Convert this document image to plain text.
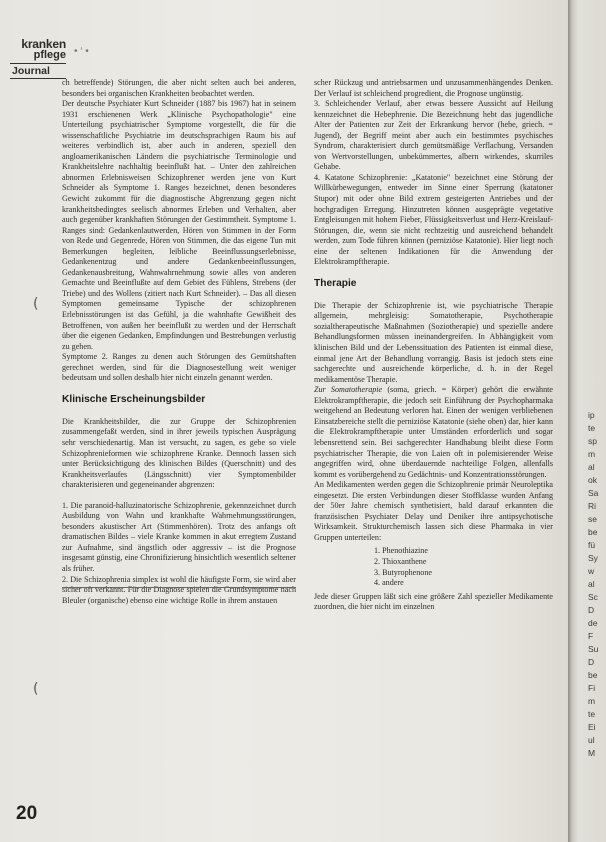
kranken
pflege
Journal
• ‘ •
(
(

ch betreffende) Störungen, die aber nicht selten auch bei anderen, besonders bei organischen Krankheiten beobachtet werden.

Der deutsche Psychiater Kurt Schneider (1887 bis 1967) hat in seinem 1931 erschienenen Werk „Klinische Psychopathologie" eine Unterteilung psychiatrischer Symptome vorgestellt, die für die wissenschaftliche Psychiatrie im deutschsprachigen Raum bis auf weiteres verbindlich ist, aber auch in anderen, speziell den angloamerikanischen Ländern die psychiatrische Terminologie und Krankheitslehre nachhaltig beeinflußt hat. – Unter den zahlreichen abnormen Erlebnisweisen Schizophrener werden jene von Kurt Schneider als Symptome 1. Ranges bezeichnet, denen besonderes Gewicht zukommt für die diagnostische Abgrenzung gegen nicht krankheitsbedingtes seelisch abnormes Erleben und Verhalten, aber auch gegenüber krankhaften Störungen der Gestimmtheit. Symptome 1. Ranges sind: Gedankenlautwerden, Hören von Stimmen in der Form von Rede und Gegenrede, Hören von Stimmen, die das eigene Tun mit Bemerkungen begleiten, leibliche Beeinflussungserlebnisse, Gedankenentzug und andere Gedankenbeeinflussungen, Gedankenausbreitung, Wahnwahrnehmung sowie alles von anderen Gemachte und Beeinflußte auf dem Gebiet des Fühlens, Strebens (der Triebe) und des Wollens (zitiert nach Kurt Schneider). – Das all diesen Symptomen gemeinsame Typische der schizophrenen Erlebnisstörungen ist das Gefühl, ja die wahnhafte Gewißheit des Betroffenen, von außen her beeinflußt zu werden und der Herrschaft über die eigenen Gedanken, Empfindungen und Bestrebungen verlustig zu gehen.

Symptome 2. Ranges zu denen auch Störungen des Gemütshaften gerechnet werden, sind für die Diagnosestellung weit weniger bedeutsam und sollen deshalb hier nicht einzeln genannt werden.

Klinische Erscheinungsbilder

Die Krankheitsbilder, die zur Gruppe der Schizophrenien zusammengefaßt werden, sind in ihrer jeweils typischen Ausprägung sehr verschiedenartig. Man ist versucht, zu sagen, es gebe so viele Schizophrenieformen wie schizophrene Kranke. Dennoch lassen sich unter Berücksichtigung des klinischen Bildes (Querschnitt) und des Krankheitsverlaufes (Längsschnitt) vier Symptomenbilder charakterisieren und gegeneinander abgrenzen:

1. Die paranoid-halluzinatorische Schizophrenie, gekennzeichnet durch Ausbildung von Wahn und krankhafte Wahrnehmungsstörungen, besonders akustischer Art (Stimmenhören). Trotz des anfangs oft dramatischen Bildes – viele Kranke kommen in akut erregtem Zustand zur Aufnahme, sind ängstlich oder aggressiv – ist die Prognose insgesamt günstig, eine Chronifizierung hinsichtlich wesentlich seltener als früher.

2. Die Schizophrenia simplex ist wohl die häufigste Form, sie wird aber sicher oft verkannt. Für die Diagnose spielen die Grundsymptome nach Bleuler (organische) ebenso eine wichtige Rolle in ihrem anstauen

scher Rückzug und antriebsarmen und unzusammenhängendes Denken. Der Verlauf ist schleichend progredient, die Prognose ungünstig.

3. Schleichender Verlauf, aber etwas bessere Aussicht auf Heilung kennzeichnet die Hebephrenie. Die Bezeichnung hebt das jugendliche Alter der Patienten zur Zeit der Erkrankung hervor (hebe, griech. = Jugend), der Begriff meint aber auch ein bestimmtes psychisches Syndrom, charakterisiert durch gemütsmäßige Verflachung, Versanden von Wertvorstellungen, unbekümmertes, albern wirkendes, skurriles Gehabe.

4. Katatone Schizophrenie: „Katatonie" bezeichnet eine Störung der Willkürbewegungen, entweder im Sinne einer Sperrung (katatoner Stupor) mit oder ohne Bild extrem gesteigerten Antriebes und der hochgradigen Erregung. Hinzutreten können ausgeprägte vegetative Entgleisungen mit hohem Fieber, Flüssigkeitsverlust und Herz-Kreislauf-Störungen, die, wenn sie nicht rechtzeitig und ausreichend behandelt werden, zum Tode führen können (perniziöse Katatonie). Hier liegt noch eine der seltenen Indikationen für die Anwendung der Elektrokrampftherapie.

Therapie

Die Therapie der Schizophrenie ist, wie psychiatrische Therapie allgemein, mehrgleisig: Somatotherapie, Psychotherapie sozialtherapeutische Maßnahmen (Soziotherapie) und spezielle andere Behandlungsformen müssen ineinandergreifen. In Abhängigkeit vom klinischen Bild und der Lebenssituation des Patienten ist einmal diese, einmal jene Art der Behandlung vorrangig. Basis ist jedoch stets eine sachgerechte und ausreichende körperliche, d. h. in der Regel medikamentöse Therapie.

Zur Somatotherapie (soma, griech. = Körper) gehört die erwähnte Elektrokrampftherapie, die jedoch seit Einführung der Psychopharmaka weitgehend an Bedeutung verloren hat. Einen der wenigen verbliebenen Einsatzbereiche stellt die perniziöse Katatonie (siehe oben) dar, hier kann die Elektrokrampftherapie unter Umständen erforderlich und sogar lebensrettend sein. Bei sachgerechter Handhabung bleibt diese Form psychiatrischer Therapie, die von Laien oft in polemisierender Weise angegriffen wird, ohne überdauernde nachteilige Folgen, allenfalls kommt es vorübergehend zu Gedächtnis- und Konzentrationsstörungen.

An Medikamenten werden gegen die Schizophrenie primär Neuroleptika eingesetzt. Die ersten Verbindungen dieser Stoffklasse wurden Anfang der 50er Jahre chemisch synthetisiert, bald darauf erkannten die französischen Psychiater Delay und Deniker ihre antipsychotische Wirksamkeit. Strukturchemisch lassen sich diese Pharmaka in vier Gruppen unterteilen:

1. Phenothiazine
2. Thioxanthene
3. Butyrophenone
4. andere

Jede dieser Gruppen läßt sich eine größere Zahl spezieller Medikamente zuordnen, die hier nicht im einzelnen

20
ip
te
sp
m
al
ok
Sa
Ri
se
be
fü
Sy
w
al
Sc
D
de
F
Su
D
be
Fi
m
te
Ei
ul
M
